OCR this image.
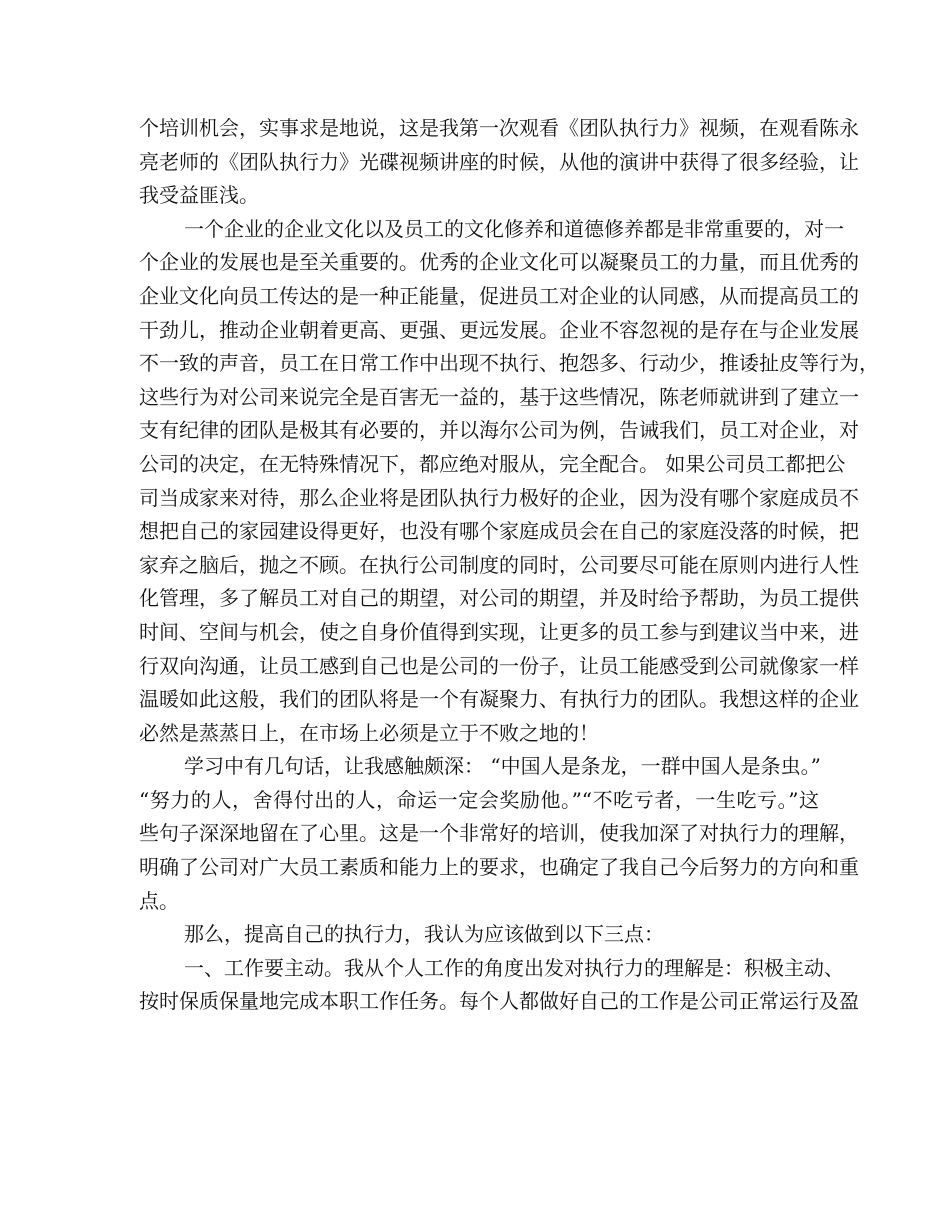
个培训机会，实事求是地说，这是我第一次观看《团队执行力》视频，在观看陈永
亮老师的《团队执行力》光碟视频讲座的时候，从他的演讲中获得了很多经验，让
我受益匪浅。
一个企业的企业文化以及员工的文化修养和道德修养都是非常重要的，对一
个企业的发展也是至关重要的。优秀的企业文化可以凝聚员工的力量，而且优秀的
企业文化向员工传达的是一种正能量，促进员工对企业的认同感，从而提高员工的
干劲儿，推动企业朝着更高、更强、更远发展。企业不容忽视的是存在与企业发展
不一致的声音，员工在日常工作中出现不执行、抱怨多、行动少，推诿扯皮等行为，
这些行为对公司来说完全是百害无一益的，基于这些情况，陈老师就讲到了建立一
支有纪律的团队是极其有必要的，并以海尔公司为例，告诫我们，员工对企业，对
公司的决定，在无特殊情况下，都应绝对服从，完全配合。 如果公司员工都把公
司当成家来对待，那么企业将是团队执行力极好的企业，因为没有哪个家庭成员不
想把自己的家园建设得更好，也没有哪个家庭成员会在自己的家庭没落的时候，把
家弃之脑后，抛之不顾。在执行公司制度的同时，公司要尽可能在原则内进行人性
化管理，多了解员工对自己的期望，对公司的期望，并及时给予帮助，为员工提供
时间、空间与机会，使之自身价值得到实现，让更多的员工参与到建议当中来，进
行双向沟通，让员工感到自己也是公司的一份子，让员工能感受到公司就像家一样
温暖如此这般，我们的团队将是一个有凝聚力、有执行力的团队。我想这样的企业
必然是蒸蒸日上，在市场上必须是立于不败之地的！
学习中有几句话，让我感触颇深： “中国人是条龙，一群中国人是条虫。”
“努力的人，舍得付出的人，命运一定会奖励他。”“不吃亏者，一生吃亏。”这
些句子深深地留在了心里。这是一个非常好的培训，使我加深了对执行力的理解，
明确了公司对广大员工素质和能力上的要求，也确定了我自己今后努力的方向和重
点。
那么，提高自己的执行力，我认为应该做到以下三点：
一、工作要主动。我从个人工作的角度出发对执行力的理解是：积极主动、
按时保质保量地完成本职工作任务。每个人都做好自己的工作是公司正常运行及盈
